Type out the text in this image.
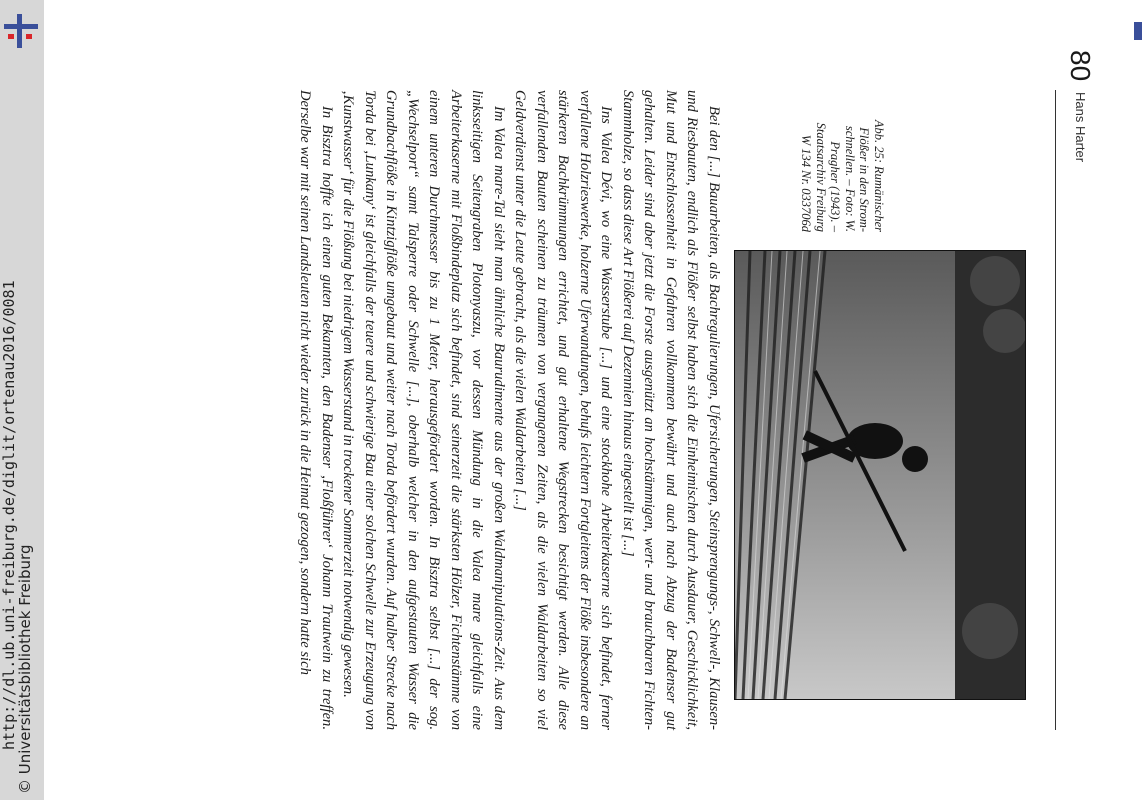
http://dl.ub.uni-freiburg.de/diglit/ortenau2016/0081
© Universitätsbibliothek Freiburg
80
Hans Harter
Abb. 25: Rumänischer
Flößer in den Strom-
schnellen. – Foto: W.
Pragher (1943). –
Staatsarchiv Freiburg
W 134 Nr. 033706d

Bei den [...] Bauarbeiten, als Bachregulierungen, Ufersicherungen, Steinsprengungs-, Schwell-, Klausen- und Riesbauten, endlich als Flößer selbst haben sich die Einheimischen durch Ausdauer, Geschicklichkeit, Mut und Entschlossenheit in Gefahren vollkommen bewährt und auch nach Abzug der Badenser gut gehalten. Leider sind aber jetzt die Forste ausgenützt an hochstämmigen, wert- und brauchbaren Fichten-Stammholze, so dass diese Art Flößerei auf Dezennien hinaus eingestellt ist [...]

Ins Valea Dévi, wo eine Wasserstube [...] und eine stockhohe Arbeiterkaserne sich befindet, ferner verfallene Holzrieswerke, holzerne Uferwandungen, behufs leichtern Fortgleitens der Flöße insbesondere an stärkeren Bachkrümmungen errichtet, und gut erhaltene Wegstrecken besichtigt werden. Alle diese verfallenden Bauten scheinen zu träumen von vergangenen Zeiten, als die vielen Waldarbeiten so viel Geldverdienst unter die Leute gebracht, als die vielen Waldarbeiten [...]

Im Valea mare-Tal sieht man ähnliche Baurudimente aus der großen Waldmanipulations-Zeit. Aus dem linksseitigen Seitengraben Plotonyaszu, vor dessen Mündung in die Valea mare gleichfalls eine Arbeiterkaserne mit Floßbindeplatz sich befindet, sind seinerzeit die stärksten Hölzer, Fichtenstämme von einem unteren Durchmesser bis zu 1 Meter, herausgefördert worden. In Bisztra selbst [...] der sog. „Wechselport“ samt Talsperre oder Schwelle [...], oberhalb welcher in den aufgestauten Wasser die Grundbachflöße in Kintzigflöße umgebaut und weiter nach Torda befördert wurden. Auf halber Strecke nach Torda bei ‚Lunkany‘ ist gleichfalls der teuere und schwierige Bau einer solchen Schwelle zur Erzeugung von ‚Kunstwasser‘ für die Flößung bei niedrigem Wasserstand in trockener Sommerzeit notwendig gewesen.

In Bisztra hoffte ich einen guten Bekannten, den Badenser ‚Floßführer‘ Johann Trautwein zu treffen. Derselbe war mit seinen Landsleuten nicht wieder zurück in die Heimat gezogen, sondern hatte sich
